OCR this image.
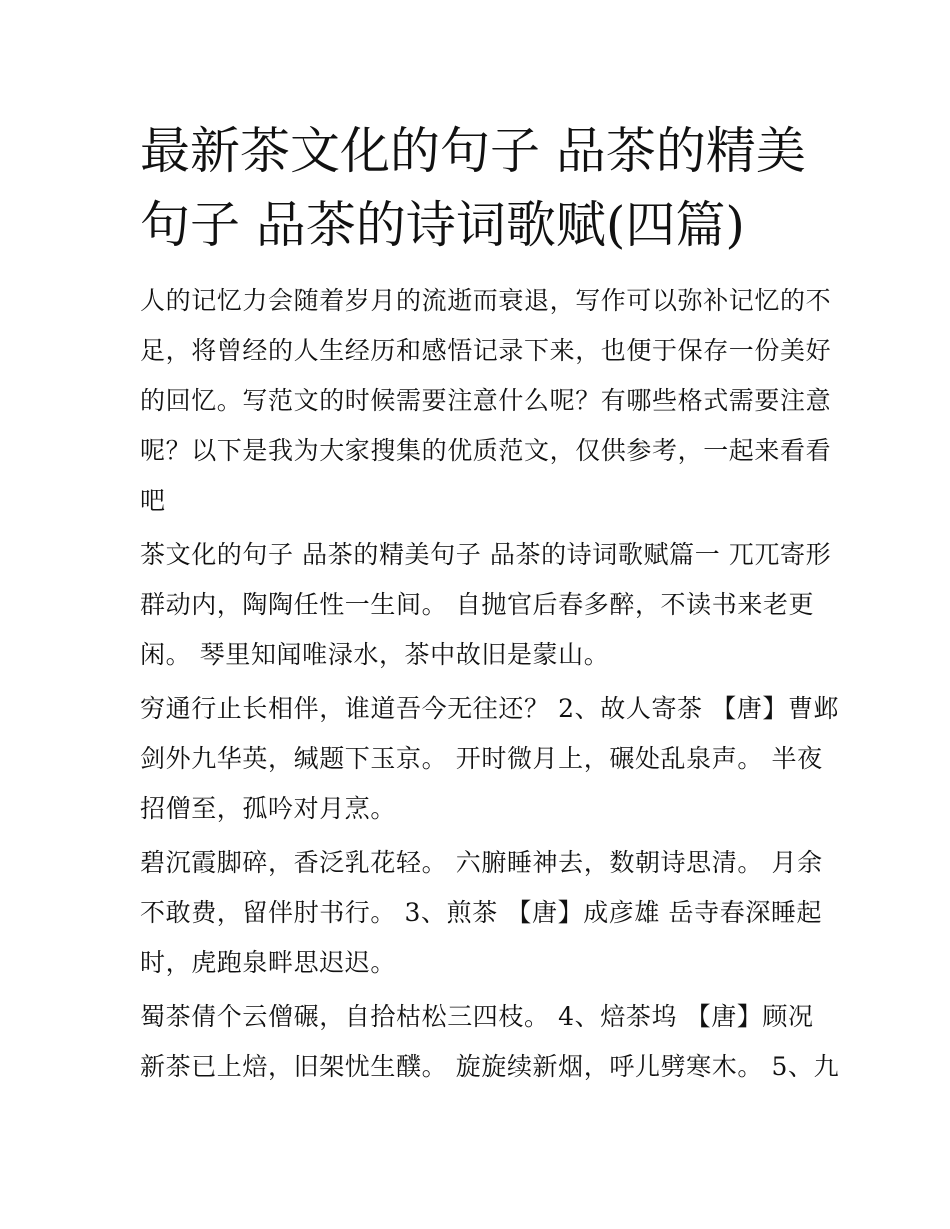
最新茶文化的句子 品茶的精美
句子 品茶的诗词歌赋(四篇)

人的记忆力会随着岁月的流逝而衰退，写作可以弥补记忆的不
足，将曾经的人生经历和感悟记录下来，也便于保存一份美好
的回忆。写范文的时候需要注意什么呢？有哪些格式需要注意
呢？以下是我为大家搜集的优质范文，仅供参考，一起来看看
吧

茶文化的句子 品茶的精美句子 品茶的诗词歌赋篇一 兀兀寄形
群动内，陶陶任性一生间。 自抛官后春多醉，不读书来老更
闲。 琴里知闻唯渌水，茶中故旧是蒙山。

穷通行止长相伴，谁道吾今无往还？ 2、故人寄茶 【唐】曹邺
剑外九华英，缄题下玉京。 开时微月上，碾处乱泉声。 半夜
招僧至，孤吟对月烹。

碧沉霞脚碎，香泛乳花轻。 六腑睡神去，数朝诗思清。 月余
不敢费，留伴肘书行。 3、煎茶 【唐】成彦雄 岳寺春深睡起
时，虎跑泉畔思迟迟。

蜀茶倩个云僧碾，自拾枯松三四枝。 4、焙茶坞 【唐】顾况
新茶已上焙，旧架忧生醭。 旋旋续新烟，呼儿劈寒木。 5、九
